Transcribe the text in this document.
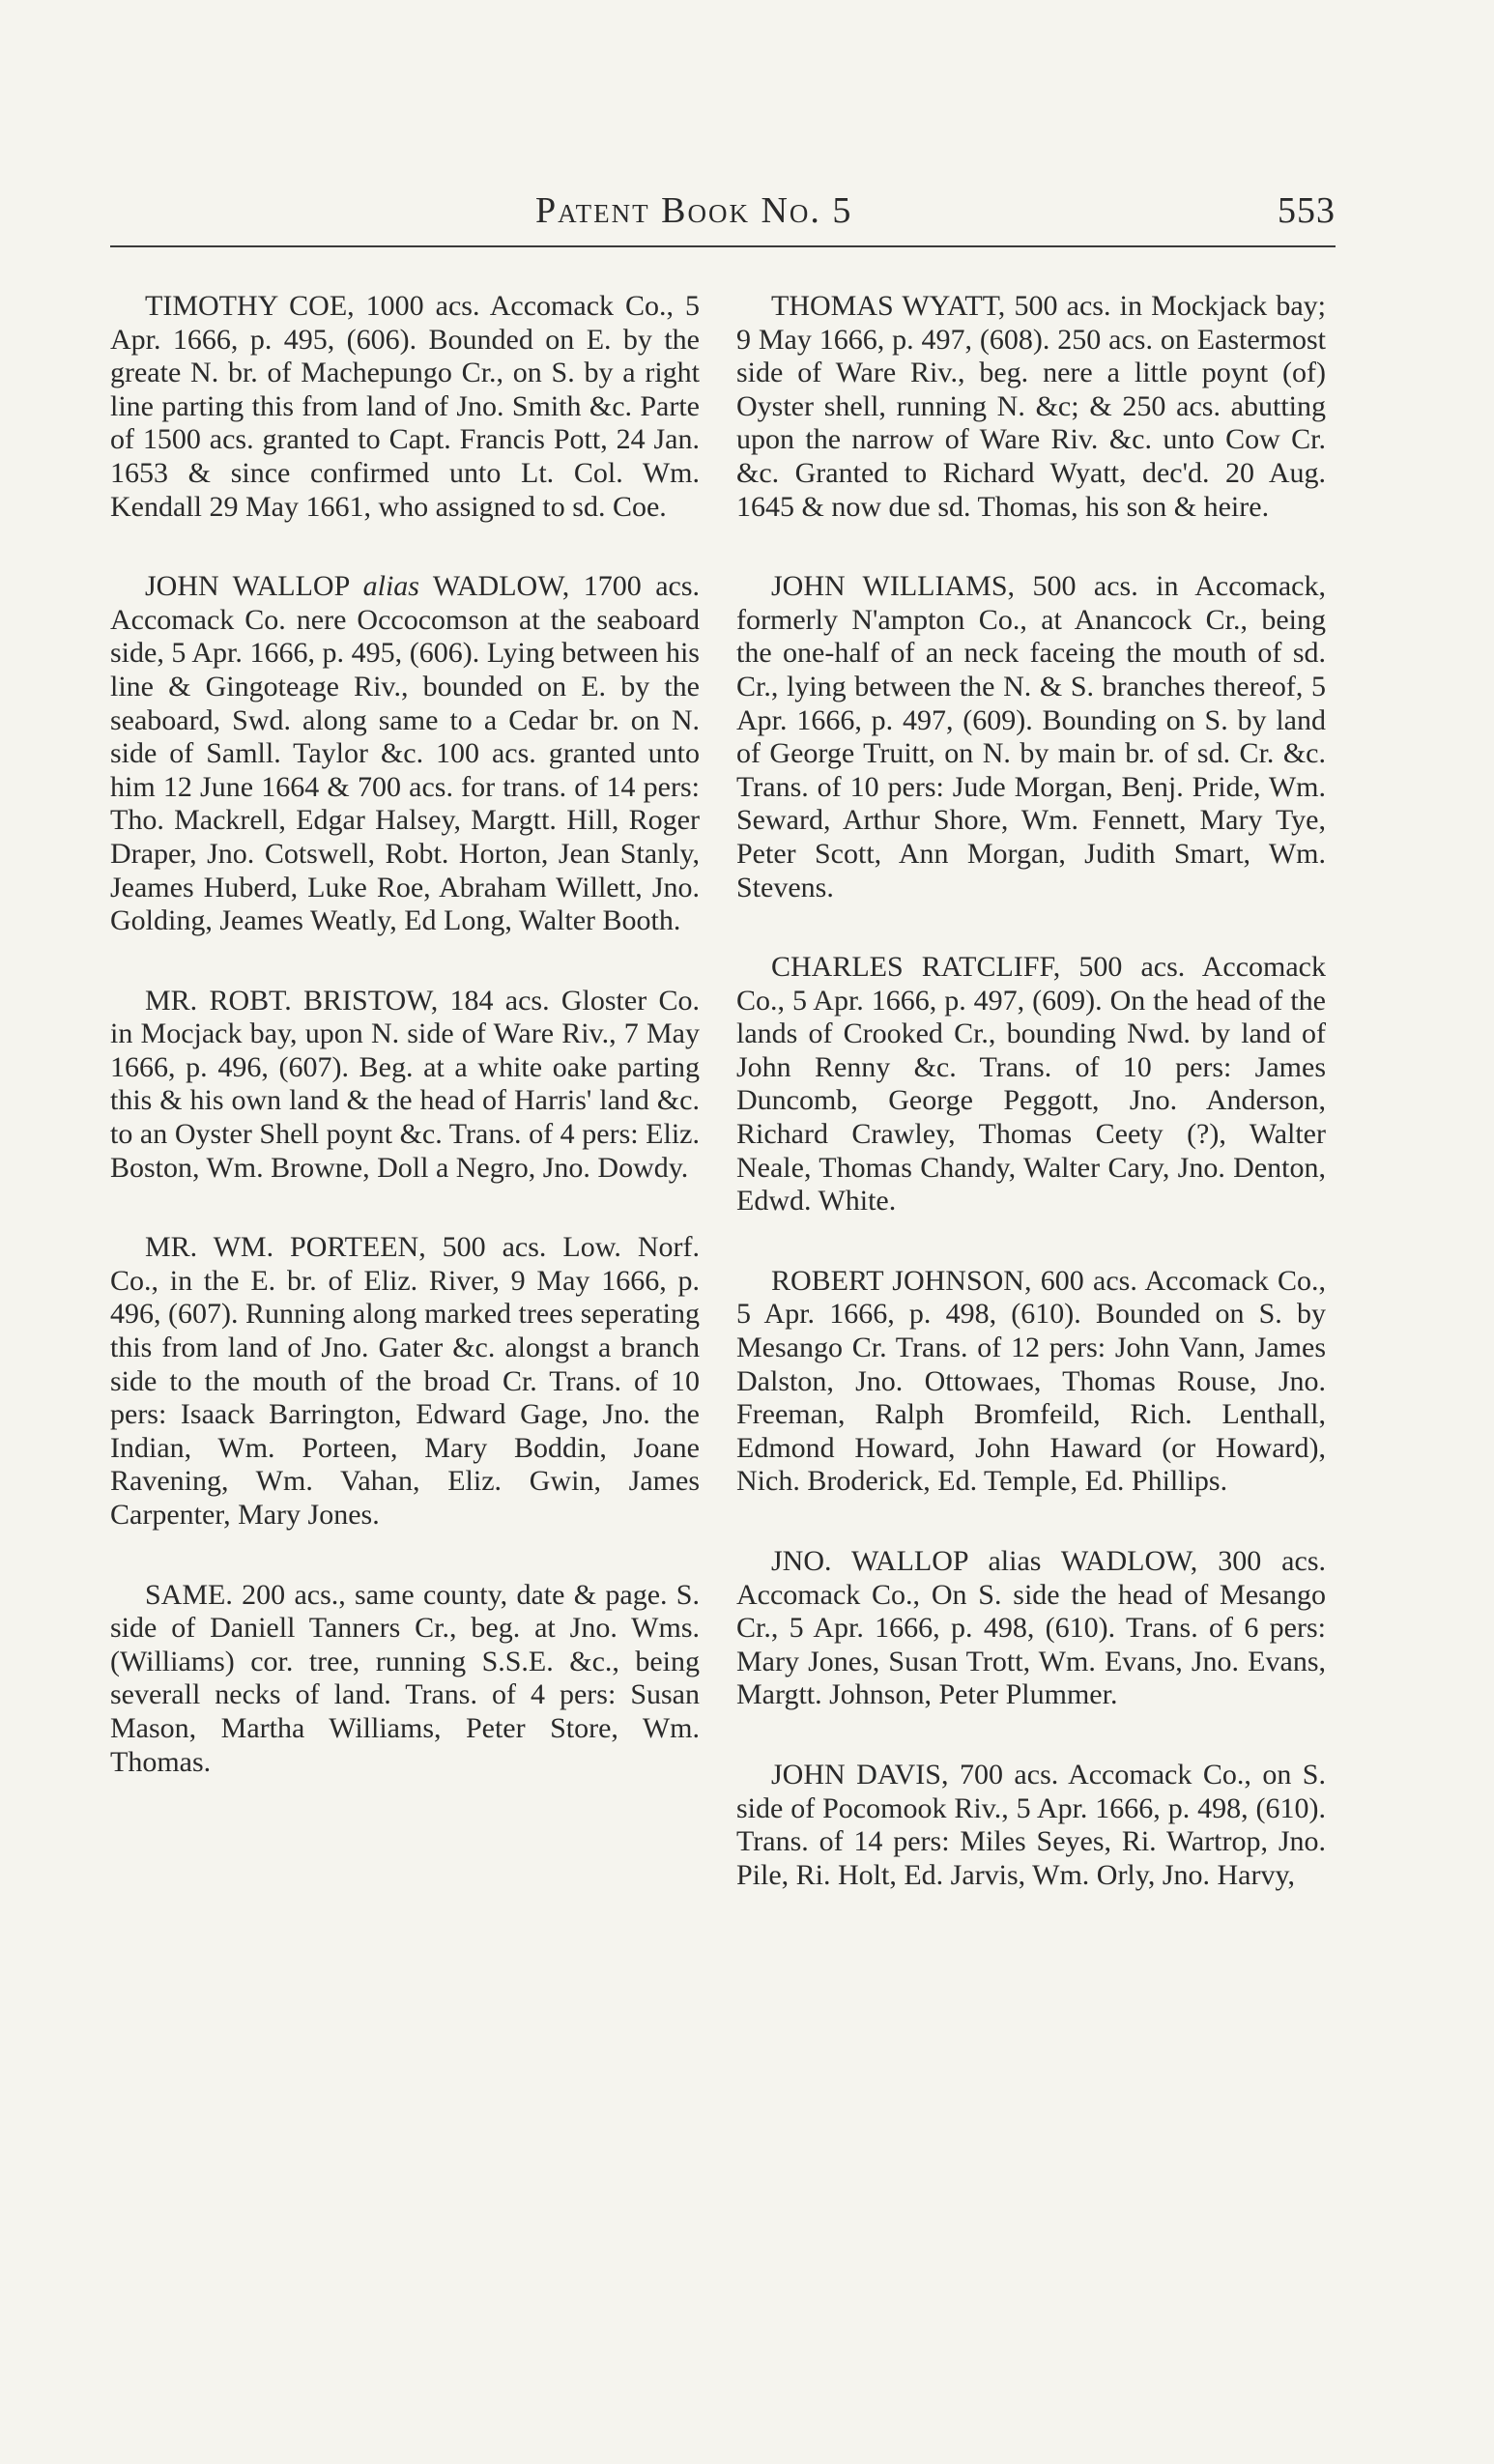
Patent Book No. 5	553

TIMOTHY COE, 1000 acs. Accomack Co., 5 Apr. 1666, p. 495, (606). Bounded on E. by the greate N. br. of Machepungo Cr., on S. by a right line parting this from land of Jno. Smith &c. Parte of 1500 acs. granted to Capt. Francis Pott, 24 Jan. 1653 & since confirmed unto Lt. Col. Wm. Kendall 29 May 1661, who assigned to sd. Coe.

JOHN WALLOP alias WADLOW, 1700 acs. Accomack Co. nere Occocomson at the seaboard side, 5 Apr. 1666, p. 495, (606). Lying between his line & Gingoteage Riv., bounded on E. by the seaboard, Swd. along same to a Cedar br. on N. side of Samll. Taylor &c. 100 acs. granted unto him 12 June 1664 & 700 acs. for trans. of 14 pers: Tho. Mackrell, Edgar Halsey, Margtt. Hill, Roger Draper, Jno. Cotswell, Robt. Horton, Jean Stanly, Jeames Huberd, Luke Roe, Abraham Willett, Jno. Golding, Jeames Weatly, Ed Long, Walter Booth.

MR. ROBT. BRISTOW, 184 acs. Gloster Co. in Mocjack bay, upon N. side of Ware Riv., 7 May 1666, p. 496, (607). Beg. at a white oake parting this & his own land & the head of Harris' land &c. to an Oyster Shell poynt &c. Trans. of 4 pers: Eliz. Boston, Wm. Browne, Doll a Negro, Jno. Dowdy.

MR. WM. PORTEEN, 500 acs. Low. Norf. Co., in the E. br. of Eliz. River, 9 May 1666, p. 496, (607). Running along marked trees seperating this from land of Jno. Gater &c. alongst a branch side to the mouth of the broad Cr. Trans. of 10 pers: Isaack Barrington, Edward Gage, Jno. the Indian, Wm. Porteen, Mary Boddin, Joane Ravening, Wm. Vahan, Eliz. Gwin, James Carpenter, Mary Jones.

SAME. 200 acs., same county, date & page. S. side of Daniell Tanners Cr., beg. at Jno. Wms. (Williams) cor. tree, running S.S.E. &c., being severall necks of land. Trans. of 4 pers: Susan Mason, Martha Williams, Peter Store, Wm. Thomas.

THOMAS WYATT, 500 acs. in Mockjack bay; 9 May 1666, p. 497, (608). 250 acs. on Eastermost side of Ware Riv., beg. nere a little poynt (of) Oyster shell, running N. &c; & 250 acs. abutting upon the narrow of Ware Riv. &c. unto Cow Cr. &c. Granted to Richard Wyatt, dec'd. 20 Aug. 1645 & now due sd. Thomas, his son & heire.

JOHN WILLIAMS, 500 acs. in Accomack, formerly N'ampton Co., at Anancock Cr., being the one-half of an neck faceing the mouth of sd. Cr., lying between the N. & S. branches thereof, 5 Apr. 1666, p. 497, (609). Bounding on S. by land of George Truitt, on N. by main br. of sd. Cr. &c. Trans. of 10 pers: Jude Morgan, Benj. Pride, Wm. Seward, Arthur Shore, Wm. Fennett, Mary Tye, Peter Scott, Ann Morgan, Judith Smart, Wm. Stevens.

CHARLES RATCLIFF, 500 acs. Accomack Co., 5 Apr. 1666, p. 497, (609). On the head of the lands of Crooked Cr., bounding Nwd. by land of John Renny &c. Trans. of 10 pers: James Duncomb, George Peggott, Jno. Anderson, Richard Crawley, Thomas Ceety (?), Walter Neale, Thomas Chandy, Walter Cary, Jno. Denton, Edwd. White.

ROBERT JOHNSON, 600 acs. Accomack Co., 5 Apr. 1666, p. 498, (610). Bounded on S. by Mesango Cr. Trans. of 12 pers: John Vann, James Dalston, Jno. Ottowaes, Thomas Rouse, Jno. Freeman, Ralph Bromfeild, Rich. Lenthall, Edmond Howard, John Haward (or Howard), Nich. Broderick, Ed. Temple, Ed. Phillips.

JNO. WALLOP alias WADLOW, 300 acs. Accomack Co., On S. side the head of Mesango Cr., 5 Apr. 1666, p. 498, (610). Trans. of 6 pers: Mary Jones, Susan Trott, Wm. Evans, Jno. Evans, Margtt. Johnson, Peter Plummer.

JOHN DAVIS, 700 acs. Accomack Co., on S. side of Pocomook Riv., 5 Apr. 1666, p. 498, (610). Trans. of 14 pers: Miles Seyes, Ri. Wartrop, Jno. Pile, Ri. Holt, Ed. Jarvis, Wm. Orly, Jno. Harvy,
